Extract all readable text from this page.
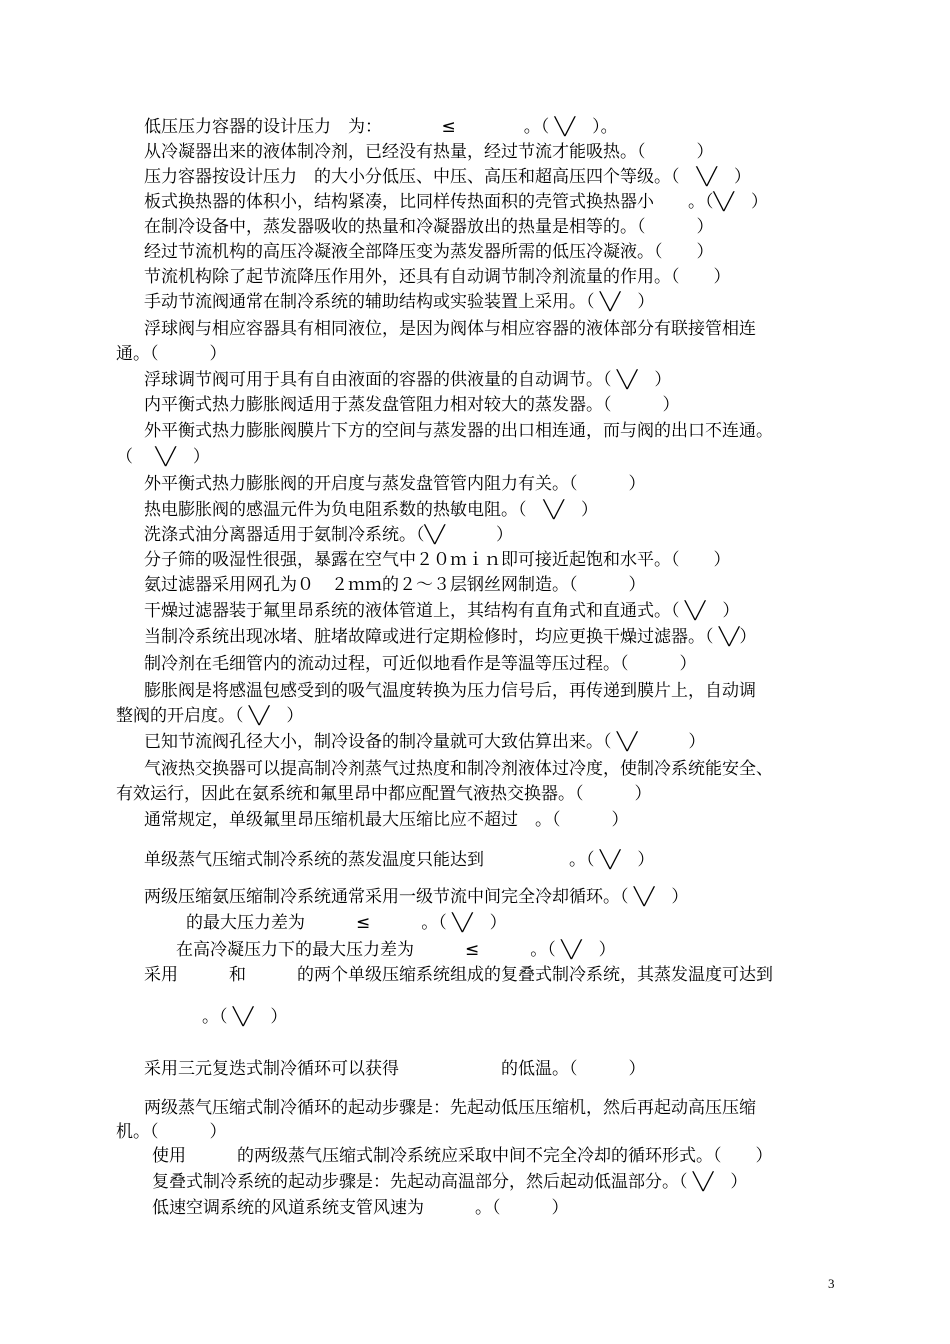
低压压力容器的设计压力　为：　　　　≤　　　　。（ ╲╱　）。
从冷凝器出来的液体制冷剂，已经没有热量，经过节流才能吸热。（　　　）
压力容器按设计压力　的大小分低压、中压、高压和超高压四个等级。（　╲╱　）
板式换热器的体积小，结构紧凑，比同样传热面积的壳管式换热器小　　。（╲╱　）
在制冷设备中，蒸发器吸收的热量和冷凝器放出的热量是相等的。（　　　）
经过节流机构的高压冷凝液全部降压变为蒸发器所需的低压冷凝液。（　　）
节流机构除了起节流降压作用外，还具有自动调节制冷剂流量的作用。（　　）
手动节流阀通常在制冷系统的辅助结构或实验装置上采用。（ ╲╱　）
浮球阀与相应容器具有相同液位，是因为阀体与相应容器的液体部分有联接管相连
通。（　　　）
浮球调节阀可用于具有自由液面的容器的供液量的自动调节。（ ╲╱　）
内平衡式热力膨胀阀适用于蒸发盘管阻力相对较大的蒸发器。（　　　）
外平衡式热力膨胀阀膜片下方的空间与蒸发器的出口相连通，而与阀的出口不连通。
（　 ╲╱　）
外平衡式热力膨胀阀的开启度与蒸发盘管管内阻力有关。（　　　）
热电膨胀阀的感温元件为负电阻系数的热敏电阻。（　╲╱　）
洗涤式油分离器适用于氨制冷系统。（╲╱　　　）
分子筛的吸湿性很强，暴露在空气中２０ｍｉｎ即可接近起饱和水平。（　　）
氨过滤器采用网孔为０　２ｍｍ的２～３层钢丝网制造。（　　　）
干燥过滤器装于氟里昂系统的液体管道上，其结构有直角式和直通式。（ ╲╱　）
当制冷系统出现冰堵、脏堵故障或进行定期检修时，均应更换干燥过滤器。（ ╲╱）
制冷剂在毛细管内的流动过程，可近似地看作是等温等压过程。（　　　）
膨胀阀是将感温包感受到的吸气温度转换为压力信号后，再传递到膜片上，自动调
整阀的开启度。（ ╲╱　）
已知节流阀孔径大小，制冷设备的制冷量就可大致估算出来。（ ╲╱　　　）
气液热交换器可以提高制冷剂蒸气过热度和制冷剂液体过冷度，使制冷系统能安全、
有效运行，因此在氨系统和氟里昂中都应配置气液热交换器。（　　　）
通常规定，单级氟里昂压缩机最大压缩比应不超过　。（　　　）
单级蒸气压缩式制冷系统的蒸发温度只能达到　　　　　。（ ╲╱　）
两级压缩氨压缩制冷系统通常采用一级节流中间完全冷却循环。（ ╲╱　）
的最大压力差为　　　≤　　　。（ ╲╱　）
在高冷凝压力下的最大压力差为　　　≤　　　。（ ╲╱　）
采用　　　和　　　的两个单级压缩系统组成的复叠式制冷系统，其蒸发温度可达到
。（ ╲╱　）
采用三元复迭式制冷循环可以获得　　　　　　的低温。（　　　）
两级蒸气压缩式制冷循环的起动步骤是：先起动低压压缩机，然后再起动高压压缩
机。（　　　）
使用　　　的两级蒸气压缩式制冷系统应采取中间不完全冷却的循环形式。（　　）
复叠式制冷系统的起动步骤是：先起动高温部分，然后起动低温部分。（ ╲╱　）
低速空调系统的风道系统支管风速为　　　。（　　　）
3
